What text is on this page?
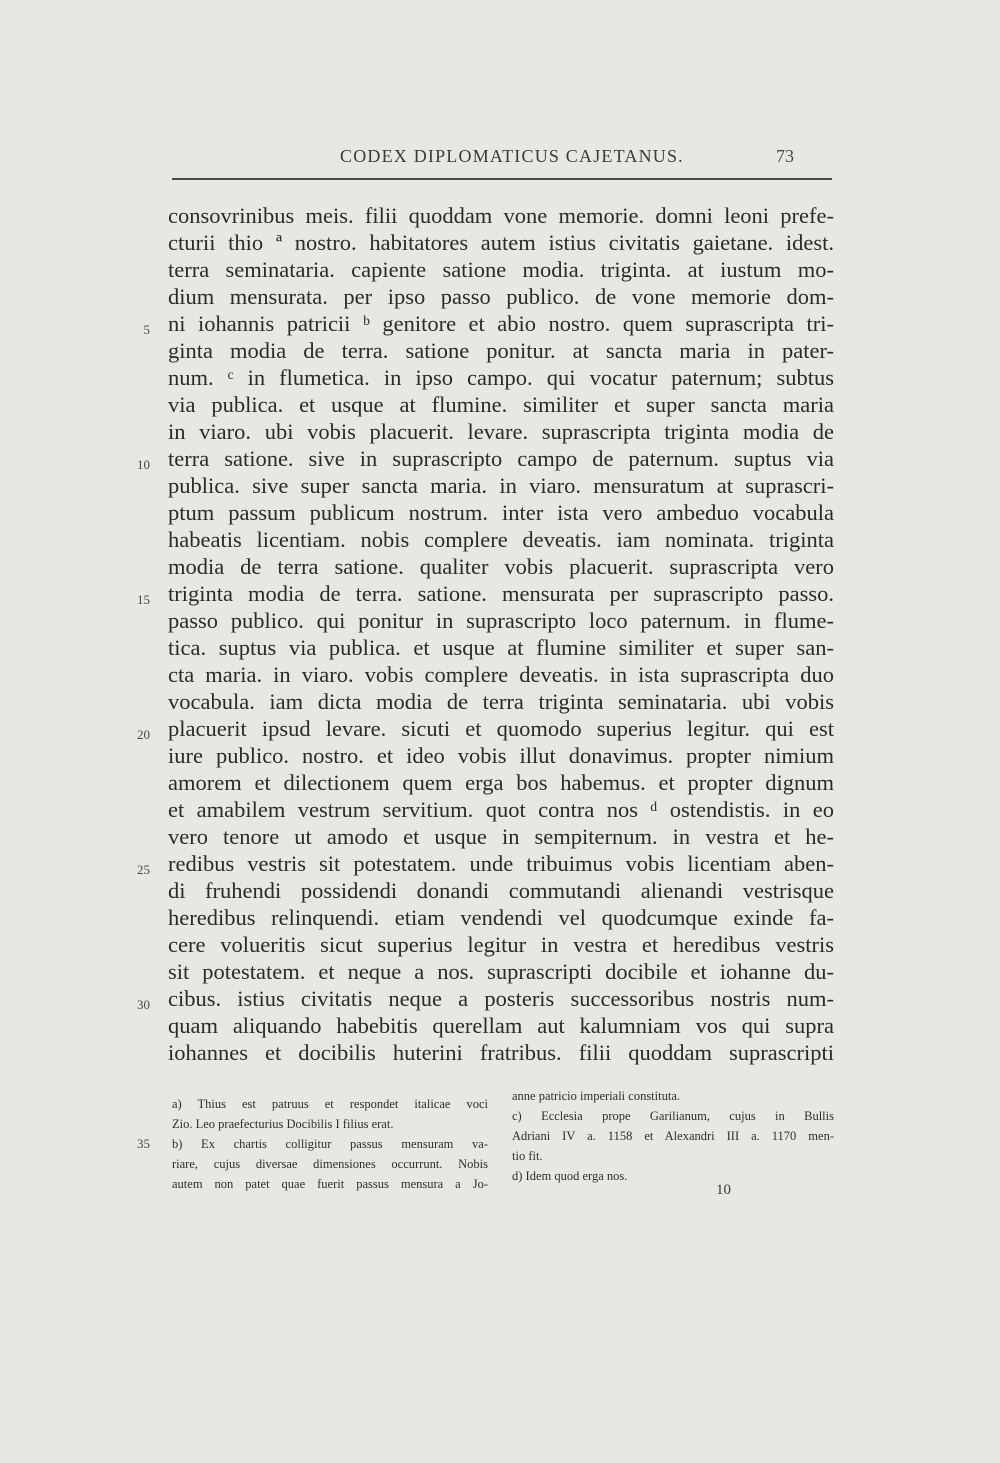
CODEX DIPLOMATICUS CAJETANUS.	73
consovrinibus meis. filii quoddam vone memorie. domni leoni prefe-
cturii thio ª nostro. habitatores autem istius civitatis gaietane. idest.
terra seminataria. capiente satione modia. triginta. at iustum mo-
dium mensurata. per ipso passo publico. de vone memorie dom-
ni iohannis patricii ᵇ genitore et abio nostro. quem suprascripta tri-
ginta modia de terra. satione ponitur. at sancta maria in pater-
num. ᶜ in flumetica. in ipso campo. qui vocatur paternum; subtus
via publica. et usque at flumine. similiter et super sancta maria
in viaro. ubi vobis placuerit. levare. suprascripta triginta modia de
terra satione. sive in suprascripto campo de paternum. suptus via
publica. sive super sancta maria. in viaro. mensuratum at suprascri-
ptum passum publicum nostrum. inter ista vero ambeduo vocabula
habeatis licentiam. nobis complere deveatis. iam nominata. triginta
modia de terra satione. qualiter vobis placuerit. suprascripta vero
triginta modia de terra. satione. mensurata per suprascripto passo.
passo publico. qui ponitur in suprascripto loco paternum. in flume-
tica. suptus via publica. et usque at flumine similiter et super san-
cta maria. in viaro. vobis complere deveatis. in ista suprascripta duo
vocabula. iam dicta modia de terra triginta seminataria. ubi vobis
placuerit ipsud levare. sicuti et quomodo superius legitur. qui est
iure publico. nostro. et ideo vobis illut donavimus. propter nimium
amorem et dilectionem quem erga bos habemus. et propter dignum
et amabilem vestrum servitium. quot contra nos ᵈ ostendistis. in eo
vero tenore ut amodo et usque in sempiternum. in vestra et he-
redibus vestris sit potestatem. unde tribuimus vobis licentiam aben-
di fruhendi possidendi donandi commutandi alienandi vestrisque
heredibus relinquendi. etiam vendendi vel quodcumque exinde fa-
cere volueritis sicut superius legitur in vestra et heredibus vestris
sit potestatem. et neque a nos. suprascripti docibile et iohanne du-
cibus. istius civitatis neque a posteris successoribus nostris num-
quam aliquando habebitis querellam aut kalumniam vos qui supra
iohannes et docibilis huterini fratribus. filii quoddam suprascripti
5
10
15
20
25
30
35
a) Thius est patruus et respondet italicae voci
Zio. Leo praefecturius Docibilis I filius erat.
b) Ex chartis colligitur passus mensuram va-
riare, cujus diversae dimensiones occurrunt. Nobis
autem non patet quae fuerit passus mensura a Jo-
anne patricio imperiali constituta.
c) Ecclesia prope Garilianum, cujus in Bullis
Adriani IV a. 1158 et Alexandri III a. 1170 men-
tio fit.
d) Idem quod erga nos.
10
